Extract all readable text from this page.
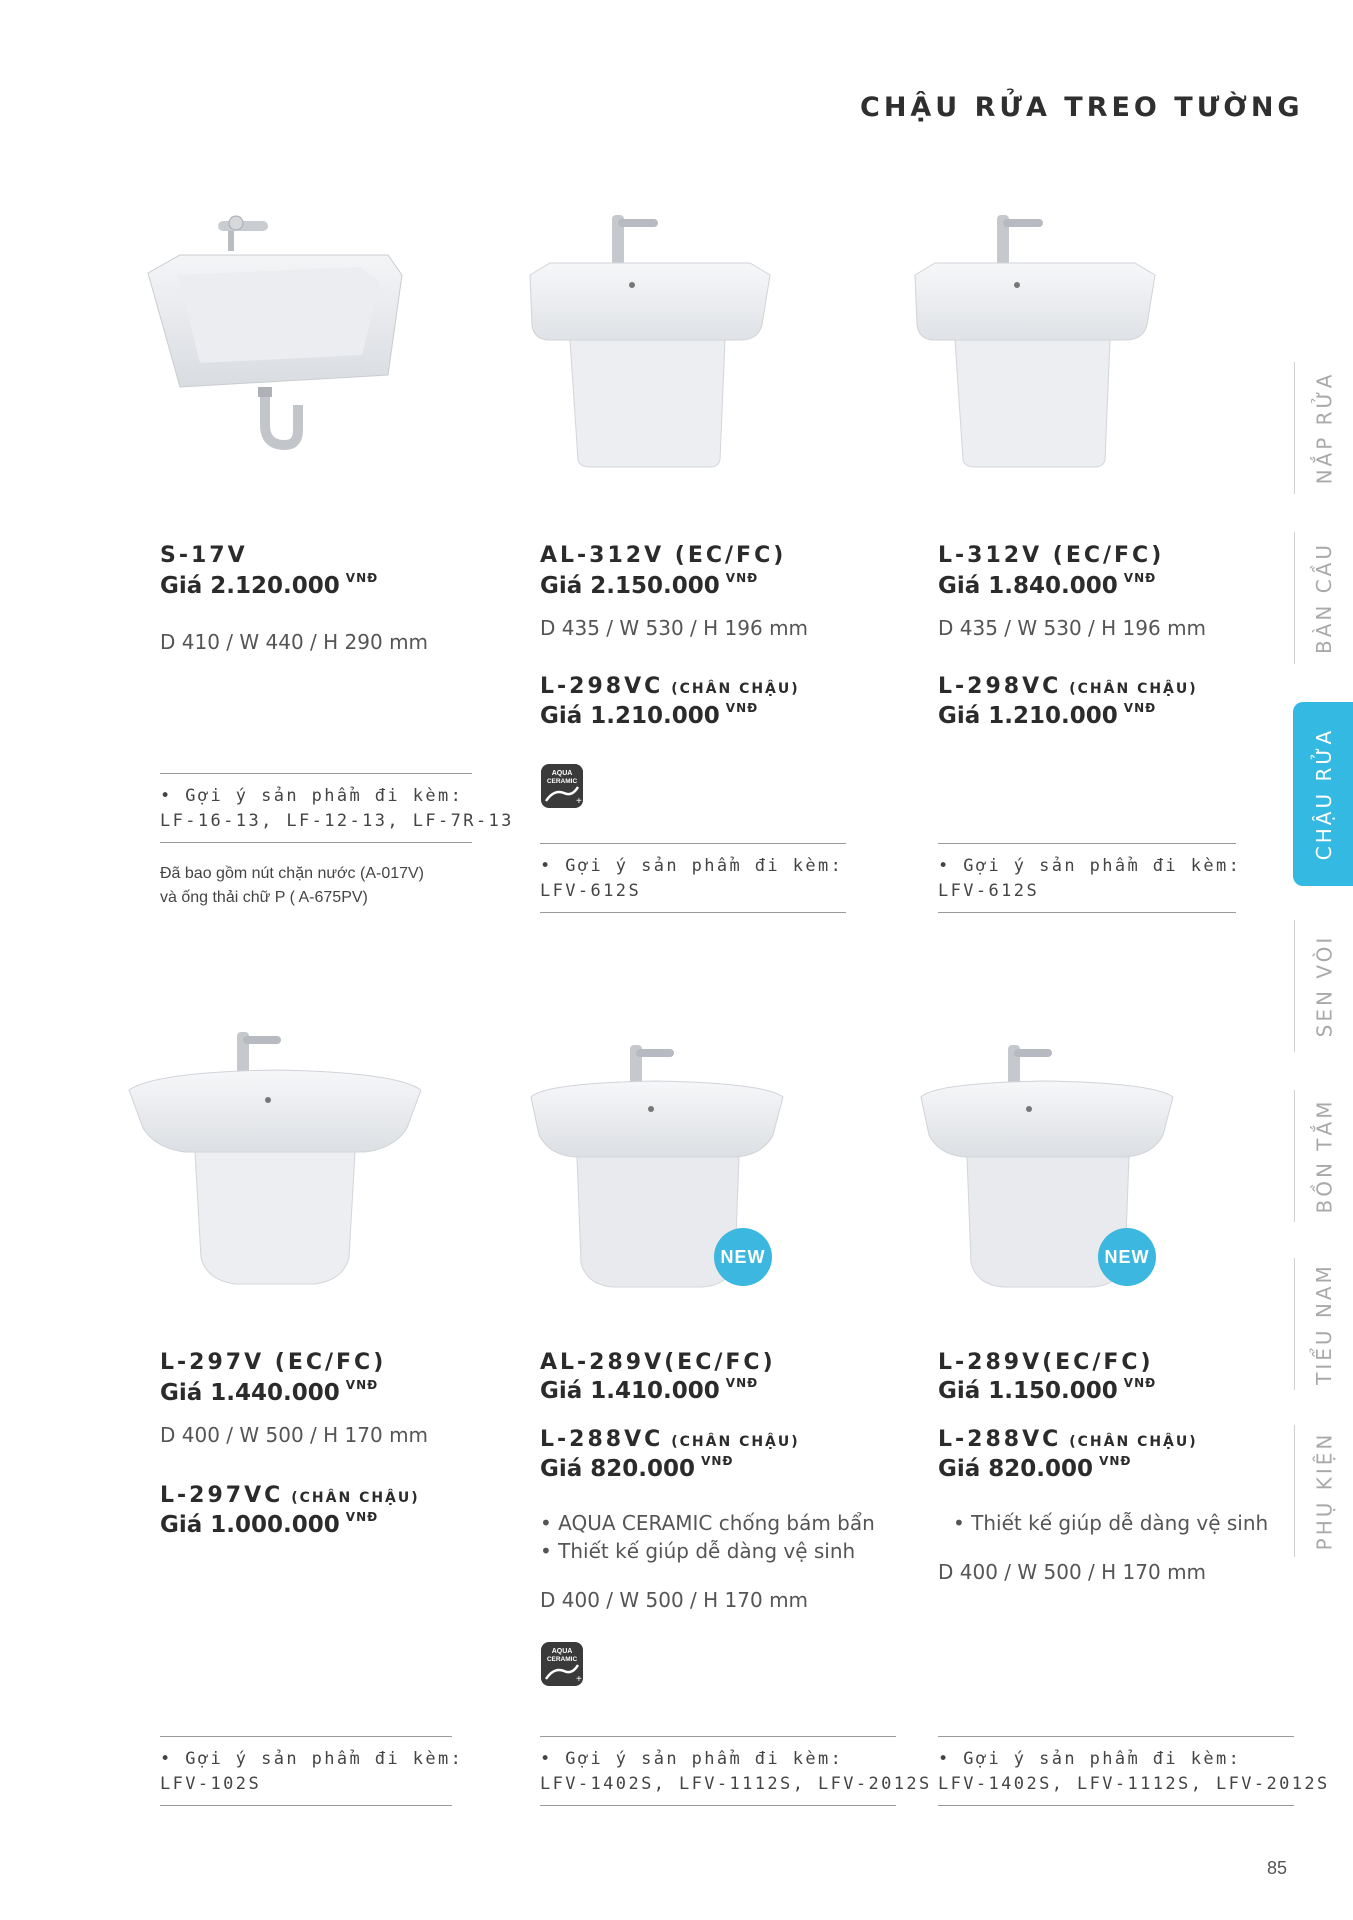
CHẬU RỬA TREO TƯỜNG
NẮP RỬA
BÀN CẦU
CHẬU RỬA
SEN VÒI
BỒN TẮM
TIỂU NAM
PHỤ KIỆN
S-17V
Giá 2.120.000 $^{VNĐ}$
D 410 / W 440 / H 290 mm
• Gợi ý sản phẩm đi kèm:
LF-16-13, LF-12-13, LF-7R-13
Đã bao gồm nút chặn nước (A-017V)
và ống thải chữ P ( A-675PV)
AL-312V (EC/FC)
Giá 2.150.000 $^{VNĐ}$
D 435 / W 530 / H 196 mm
L-298VC (CHÂN CHẬU)
Giá 1.210.000 $^{VNĐ}$
AQUA
CERAMIC
+
• Gợi ý sản phẩm đi kèm:
LFV-612S
L-312V (EC/FC)
Giá 1.840.000 $^{VNĐ}$
D 435 / W 530 / H 196 mm
L-298VC (CHÂN CHẬU)
Giá 1.210.000 $^{VNĐ}$
• Gợi ý sản phẩm đi kèm:
LFV-612S
NEW	NEW
L-297V (EC/FC)
Giá 1.440.000 $^{VNĐ}$
D 400 / W 500 / H 170 mm
L-297VC (CHÂN CHẬU)
Giá 1.000.000 $^{VNĐ}$
• Gợi ý sản phẩm đi kèm:
LFV-102S
AL-289V(EC/FC)
Giá 1.410.000 $^{VNĐ}$
L-288VC (CHÂN CHẬU)
Giá 820.000 $^{VNĐ}$
• AQUA CERAMIC chống bám bẩn
• Thiết kế giúp dễ dàng vệ sinh
D 400 / W 500 / H 170 mm
AQUA
CERAMIC
+
• Gợi ý sản phẩm đi kèm:
LFV-1402S, LFV-1112S, LFV-2012S
L-289V(EC/FC)
Giá 1.150.000 $^{VNĐ}$
L-288VC (CHÂN CHẬU)
Giá 820.000 $^{VNĐ}$
• Thiết kế giúp dễ dàng vệ sinh
D 400 / W 500 / H 170 mm
• Gợi ý sản phẩm đi kèm:
LFV-1402S, LFV-1112S, LFV-2012S
85
